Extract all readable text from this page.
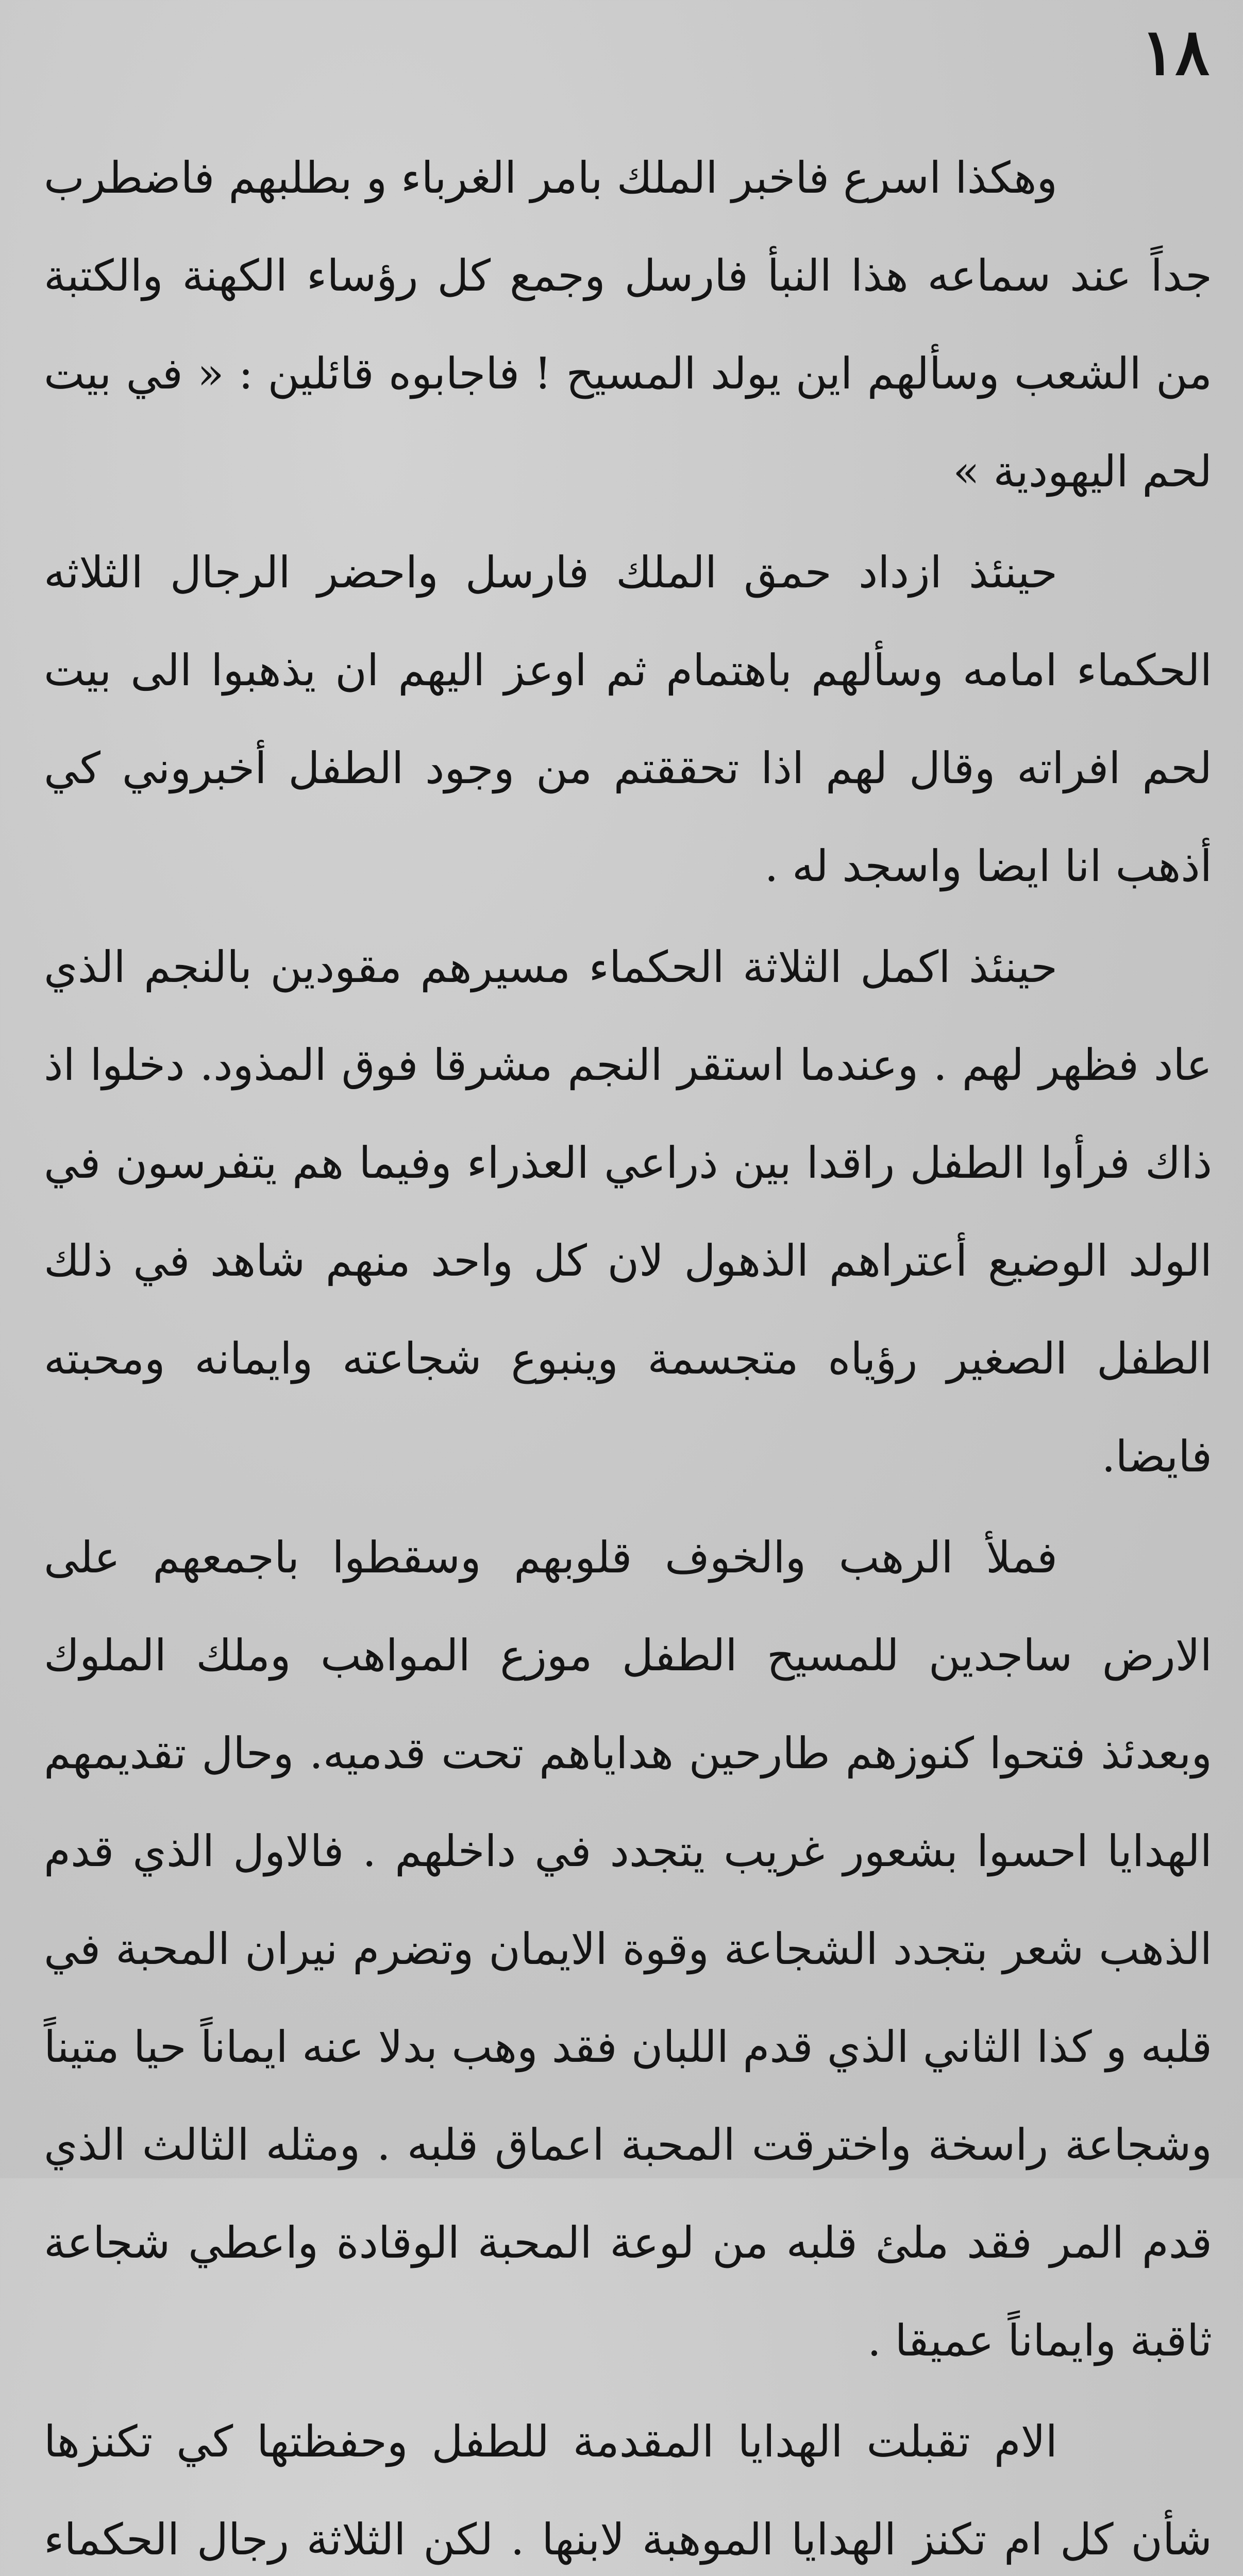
١٨

وهكذا اسرع فاخبر الملك بامر الغرباء و بطلبهم فاضطرب جداً عند سماعه هذا النبأ فارسل وجمع كل رؤساء الكهنة والكتبة من الشعب وسألهم اين يولد المسيح ! فاجابوه قائلين : « في بيت لحم اليهودية »

حينئذ ازداد حمق الملك فارسل واحضر الرجال الثلاثه الحكماء امامه وسألهم باهتمام ثم اوعز اليهم ان يذهبوا الى بيت لحم افراته وقال لهم اذا تحققتم من وجود الطفل أخبروني كي أذهب انا ايضا واسجد له .

حينئذ اكمل الثلاثة الحكماء مسيرهم مقودين بالنجم الذي عاد فظهر لهم . وعندما استقر النجم مشرقا فوق المذود. دخلوا اذ ذاك فرأوا الطفل راقدا بين ذراعي العذراء وفيما هم يتفرسون في الولد الوضيع أعتراهم الذهول لان كل واحد منهم شاهد في ذلك الطفل الصغير رؤياه متجسمة وينبوع شجاعته وايمانه ومحبته فايضا.

فملأ الرهب والخوف قلوبهم وسقطوا باجمعهم على الارض ساجدين للمسيح الطفل موزع المواهب وملك الملوك وبعدئذ فتحوا كنوزهم طارحين هداياهم تحت قدميه. وحال تقديمهم الهدايا احسوا بشعور غريب يتجدد في داخلهم . فالاول الذي قدم الذهب شعر بتجدد الشجاعة وقوة الايمان وتضرم نيران المحبة في قلبه و كذا الثاني الذي قدم اللبان فقد وهب بدلا عنه ايماناً حيا متيناً وشجاعة راسخة واخترقت المحبة اعماق قلبه . ومثله الثالث الذي قدم المر فقد ملئ قلبه من لوعة المحبة الوقادة واعطي شجاعة ثاقبة وايماناً عميقا .

الام تقبلت الهدايا المقدمة للطفل وحفظتها كي تكنزها شأن كل ام تكنز الهدايا الموهبة لابنها . لكن الثلاثة رجال الحكماء
